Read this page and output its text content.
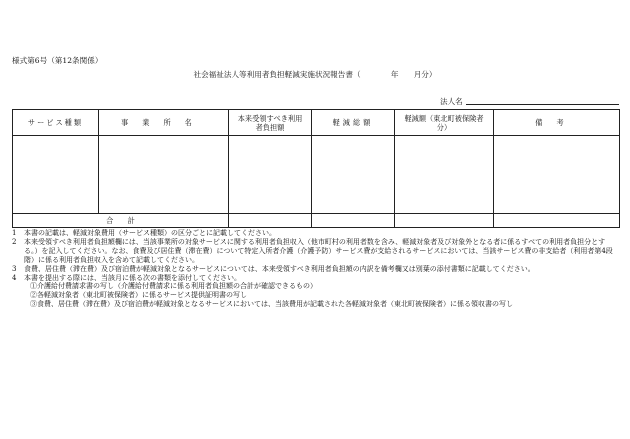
様式第6号（第12条関係）
社会福祉法人等利用者負担軽減実施状況報告書（　　　　年　　月分）
法人名
サービス種類	事業所名	本来受領すべき利用者負担額	軽減総額	軽減額（東北町被保険者分）	備考

合　　計					
1	本書の記載は、軽減対象費用（サービス種類）の区分ごとに記載してください。
2	本来受領すべき利用者負担額欄には、当該事業所の対象サービスに関する利用者負担収入（他市町村の利用者数を含み、軽減対象者及び対象外となる者に係るすべての利用者負担分とする。）を記入してください。なお、食費及び居住費（滞在費）について特定入所者介護（介護予防）サービス費が支給されるサービスにおいては、当該サービス費の非支給者（利用者第4段階）に係る利用者負担収入を含めて記載してください。
3	食費、居住費（滞在費）及び宿泊費が軽減対象となるサービスについては、本来受領すべき利用者負担額の内訳を備考欄又は別葉の添付書類に記載してください。
4	本書を提出する際には、当該月に係る次の書類を添付してください。
①介護給付費請求書の写し（介護給付費請求に係る利用者負担額の合計が確認できるもの）
②各軽減対象者（東北町被保険者）に係るサービス提供証明書の写し
③食費、居住費（滞在費）及び宿泊費が軽減対象となるサービスにおいては、当該費用が記載された各軽減対象者（東北町被保険者）に係る領収書の写し
